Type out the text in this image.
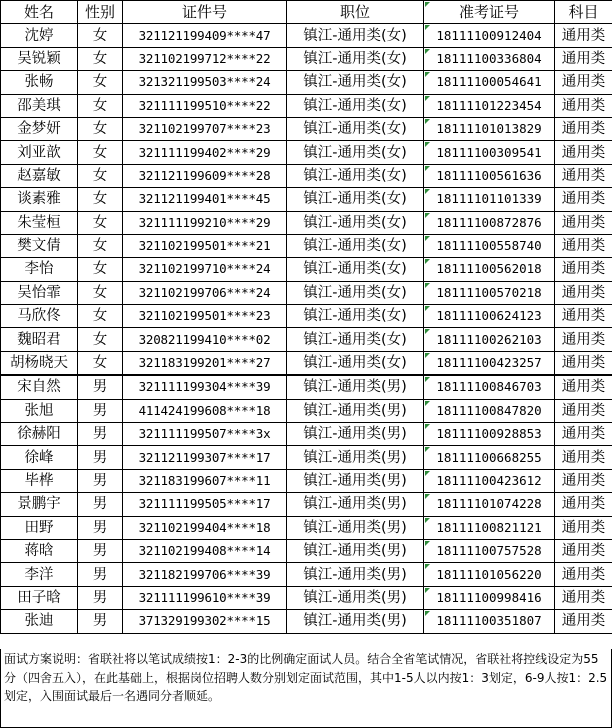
姓名	性别	证件号	职位	准考证号	科目
沈婷	女	321121199409****47	镇江-通用类(女)	18111100912404	通用类
吴锐颖	女	321102199712****22	镇江-通用类(女)	18111100336804	通用类
张畅	女	321321199503****24	镇江-通用类(女)	18111100054641	通用类
邵美琪	女	321111199510****22	镇江-通用类(女)	18111101223454	通用类
金梦妍	女	321102199707****23	镇江-通用类(女)	18111101013829	通用类
刘亚歆	女	321111199402****29	镇江-通用类(女)	18111100309541	通用类
赵嘉敏	女	321121199609****28	镇江-通用类(女)	18111100561636	通用类
谈素雅	女	321121199401****45	镇江-通用类(女)	18111101101339	通用类
朱莹桓	女	321111199210****29	镇江-通用类(女)	18111100872876	通用类
樊文倩	女	321102199501****21	镇江-通用类(女)	18111100558740	通用类
李怡	女	321102199710****24	镇江-通用类(女)	18111100562018	通用类
吴怡霏	女	321102199706****24	镇江-通用类(女)	18111100570218	通用类
马欣佟	女	321102199501****23	镇江-通用类(女)	18111100624123	通用类
魏昭君	女	320821199410****02	镇江-通用类(女)	18111100262103	通用类
胡杨晓天	女	321183199201****27	镇江-通用类(女)	18111100423257	通用类
宋自然	男	321111199304****39	镇江-通用类(男)	18111100846703	通用类
张旭	男	411424199608****18	镇江-通用类(男)	18111100847820	通用类
徐赫阳	男	321111199507****3x	镇江-通用类(男)	18111100928853	通用类
徐峰	男	321121199307****17	镇江-通用类(男)	18111100668255	通用类
毕桦	男	321183199607****11	镇江-通用类(男)	18111100423612	通用类
景鹏宇	男	321111199505****17	镇江-通用类(男)	18111101074228	通用类
田野	男	321102199404****18	镇江-通用类(男)	18111100821121	通用类
蒋晗	男	321102199408****14	镇江-通用类(男)	18111100757528	通用类
李洋	男	321182199706****39	镇江-通用类(男)	18111101056220	通用类
田子晗	男	321111199610****39	镇江-通用类(男)	18111100998416	通用类
张迪	男	371329199302****15	镇江-通用类(男)	18111100351807	通用类
面试方案说明：省联社将以笔试成绩按1：2-3的比例确定面试人员。结合全省笔试情况，省联社将控线设定为55分（四舍五入），在此基础上，根据岗位招聘人数分别划定面试范围，其中1-5人以内按1：3划定，6-9人按1：2.5划定，入围面试最后一名遇同分者顺延。
